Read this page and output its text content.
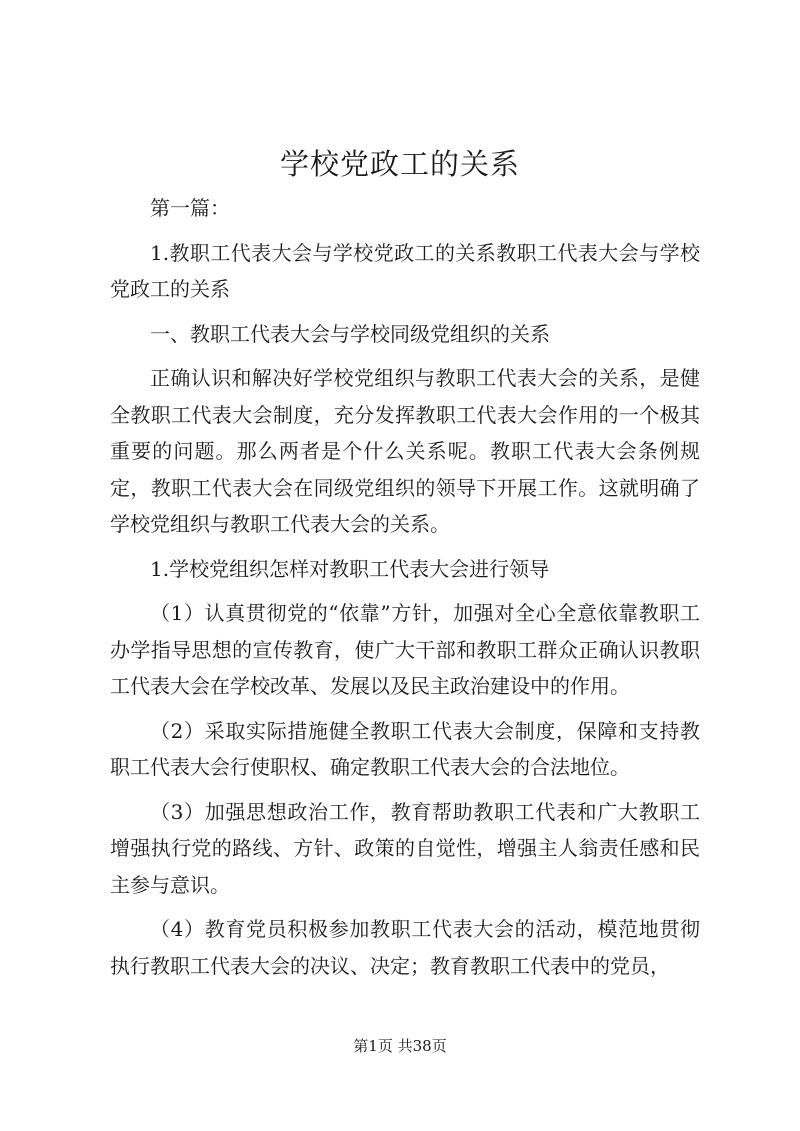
学校党政工的关系

第一篇：

1.教职工代表大会与学校党政工的关系教职工代表大会与学校党政工的关系

一、教职工代表大会与学校同级党组织的关系

正确认识和解决好学校党组织与教职工代表大会的关系，是健全教职工代表大会制度，充分发挥教职工代表大会作用的一个极其重要的问题。那么两者是个什么关系呢。教职工代表大会条例规定，教职工代表大会在同级党组织的领导下开展工作。这就明确了学校党组织与教职工代表大会的关系。

1.学校党组织怎样对教职工代表大会进行领导

（1）认真贯彻党的“依靠”方针，加强对全心全意依靠教职工办学指导思想的宣传教育，使广大干部和教职工群众正确认识教职工代表大会在学校改革、发展以及民主政治建设中的作用。

（2）采取实际措施健全教职工代表大会制度，保障和支持教职工代表大会行使职权、确定教职工代表大会的合法地位。

（3）加强思想政治工作，教育帮助教职工代表和广大教职工增强执行党的路线、方针、政策的自觉性，增强主人翁责任感和民主参与意识。

（4）教育党员积极参加教职工代表大会的活动，模范地贯彻执行教职工代表大会的决议、决定；教育教职工代表中的党员，

第1页 共38页
